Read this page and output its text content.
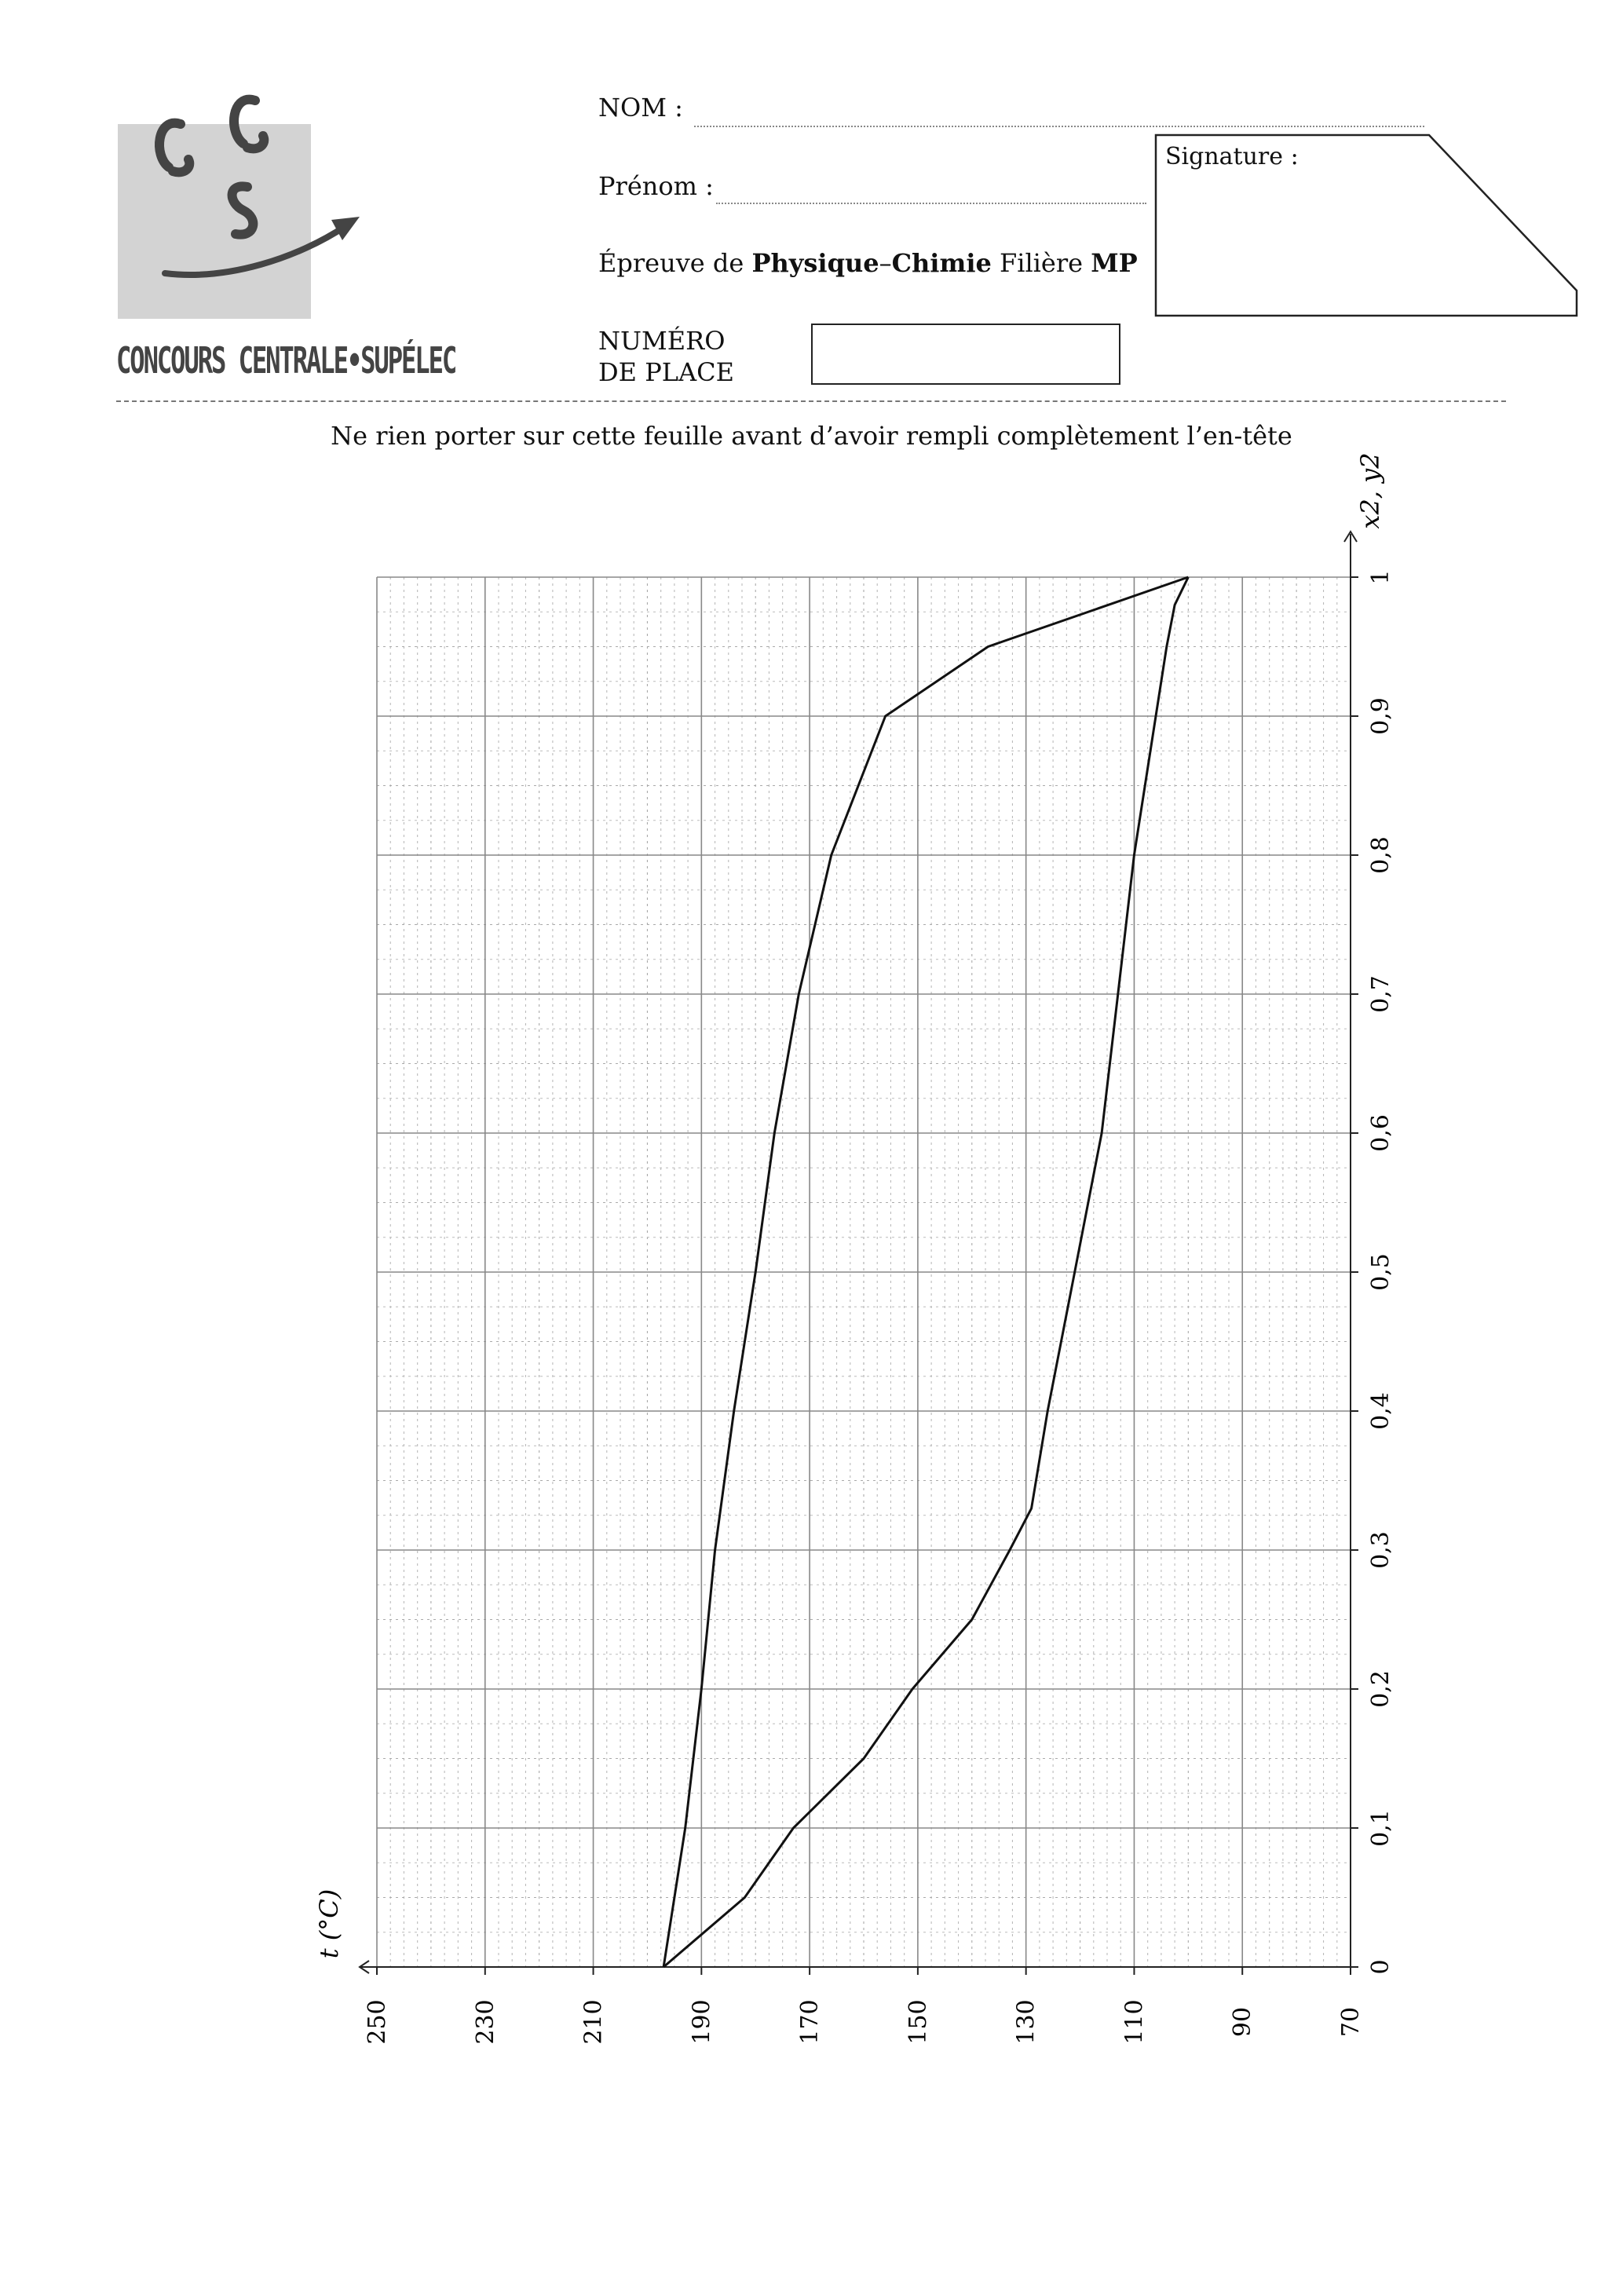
CONCOURS CENTRALE•SUPÉLEC
NOM :
Prénom :
Épreuve de Physique–Chimie Filière MP
NUMÉRO
DE PLACE
Signature :
Ne rien porter sur cette feuille avant d’avoir rempli complètement l’en-tête
250	230	210	190	170	150	130	110	90	70
0
0,1
0,2
0,3
0,4
0,5
0,6
0,7
0,8
0,9
1
x2, y2
t (°C)
